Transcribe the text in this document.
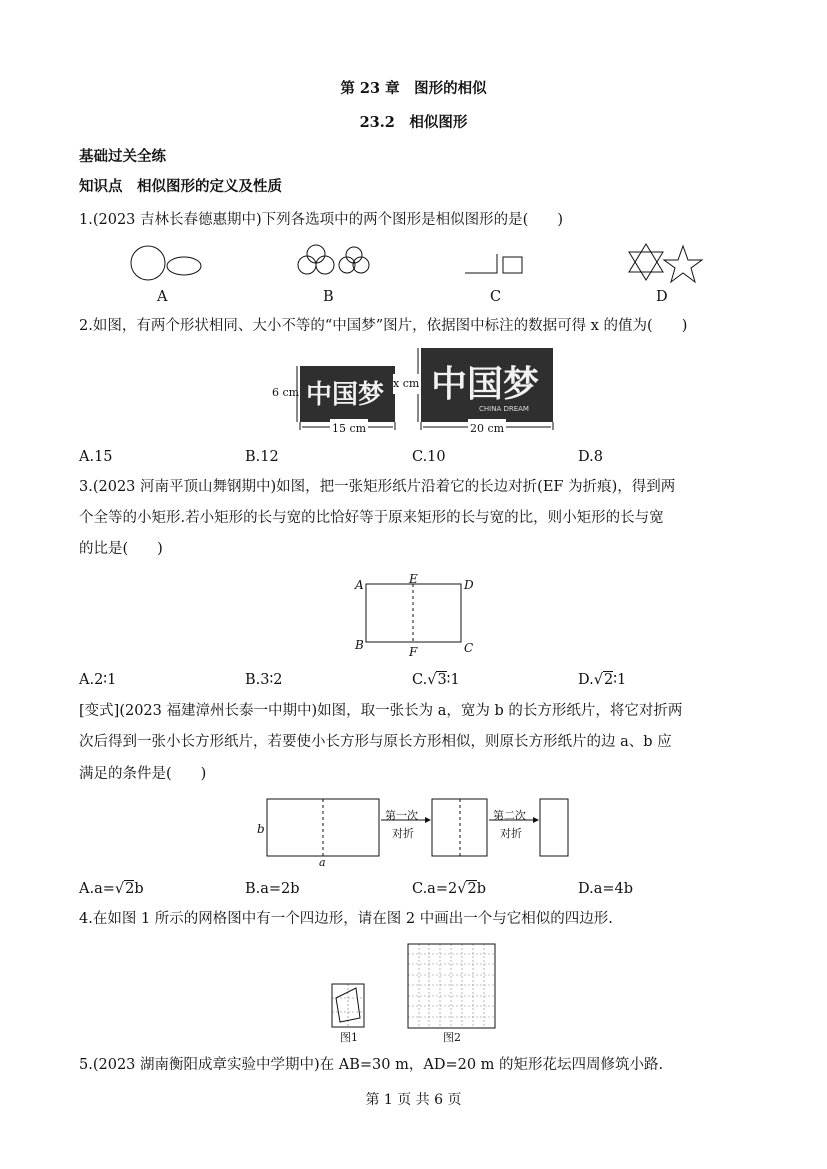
第 23 章　图形的相似
23.2　相似图形
基础过关全练
知识点　相似图形的定义及性质
1.(2023 吉林长春德惠期中)下列各选项中的两个图形是相似图形的是(　　)
A	B	C	D
2.如图，有两个形状相同、大小不等的“中国梦”图片，依据图中标注的数据可得 x 的值为(　　)
中国梦 中国梦
CHINA DREAM
6 cm
x cm
15 cm	20 cm
A.15	B.12	C.10	D.8
3.(2023 河南平顶山舞钢期中)如图，把一张矩形纸片沿着它的长边对折(EF 为折痕)，得到两
个全等的小矩形.若小矩形的长与宽的比恰好等于原来矩形的长与宽的比，则小矩形的长与宽
的比是(　　)
A	E	D
B	F	C
A.2∶1	B.3∶2	C.√3∶1	D.√2∶1
[变式](2023 福建漳州长泰一中期中)如图，取一张长为 a，宽为 b 的长方形纸片，将它对折两
次后得到一张小长方形纸片，若要使小长方形与原长方形相似，则原长方形纸片的边 a、b 应
满足的条件是(　　)
b
a
第一次
对折
第二次
对折
A.a=√2b	B.a=2b	C.a=2√2b	D.a=4b
4.在如图 1 所示的网格图中有一个四边形，请在图 2 中画出一个与它相似的四边形.
图1	图2
5.(2023 湖南衡阳成章实验中学期中)在 AB=30 m，AD=20 m 的矩形花坛四周修筑小路.
第 1 页 共 6 页
